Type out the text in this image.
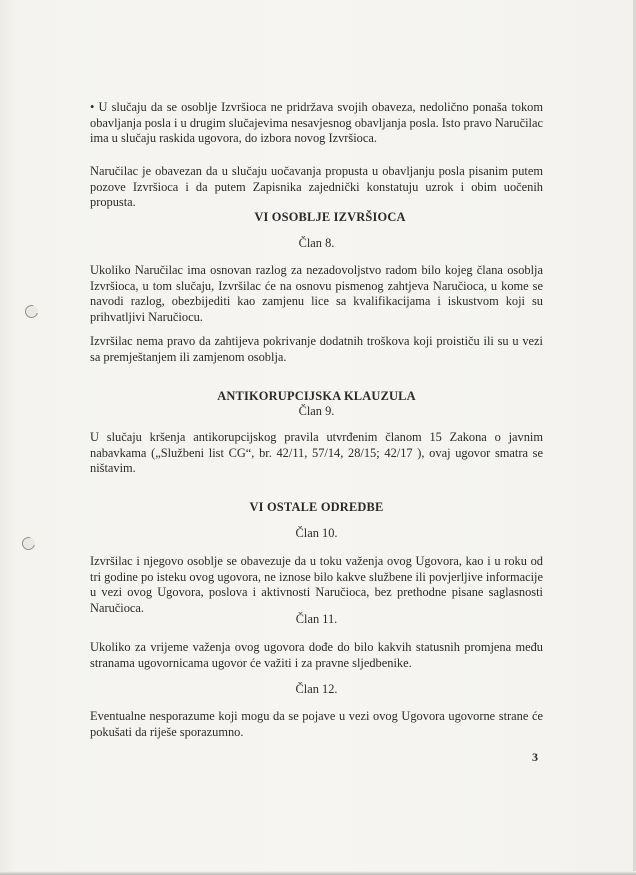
• U slučaju da se osoblje Izvršioca ne pridržava svojih obaveza, nedolično ponaša tokom obavljanja posla i u drugim slučajevima nesavjesnog obavljanja posla. Isto pravo Naručilac ima u slučaju raskida ugovora, do izbora novog Izvršioca.

Naručilac je obavezan da u slučaju uočavanja propusta u obavljanju posla pisanim putem pozove Izvršioca i da putem Zapisnika zajednički konstatuju uzrok i obim uočenih propusta.

VI OSOBLJE IZVRŠIOCA

Član 8.

Ukoliko Naručilac ima osnovan razlog za nezadovoljstvo radom bilo kojeg člana osoblja Izvršioca, u tom slučaju, Izvršilac će na osnovu pismenog zahtjeva Naručioca, u kome se navodi razlog, obezbijediti kao zamjenu lice sa kvalifikacijama i iskustvom koji su prihvatljivi Naručiocu.

Izvršilac nema pravo da zahtijeva pokrivanje dodatnih troškova koji proističu ili su u vezi sa premještanjem ili zamjenom osoblja.

ANTIKORUPCIJSKA KLAUZULA

Član 9.

U slučaju kršenja antikorupcijskog pravila utvrđenim članom 15 Zakona o javnim nabavkama („Službeni list CG“, br. 42/11, 57/14, 28/15; 42/17 ), ovaj ugovor smatra se ništavim.

VI OSTALE ODREDBE

Član 10.

Izvršilac i njegovo osoblje se obavezuje da u toku važenja ovog Ugovora, kao i u roku od tri godine po isteku ovog ugovora, ne iznose bilo kakve službene ili povjerljive informacije u vezi ovog Ugovora, poslova i aktivnosti Naručioca, bez prethodne pisane saglasnosti Naručioca.

Član 11.

Ukoliko za vrijeme važenja ovog ugovora dođe do bilo kakvih statusnih promjena među stranama ugovornicama ugovor će važiti i za pravne sljedbenike.

Član 12.

Eventualne nesporazume koji mogu da se pojave u vezi ovog Ugovora ugovorne strane će pokušati da riješe sporazumno.

3
